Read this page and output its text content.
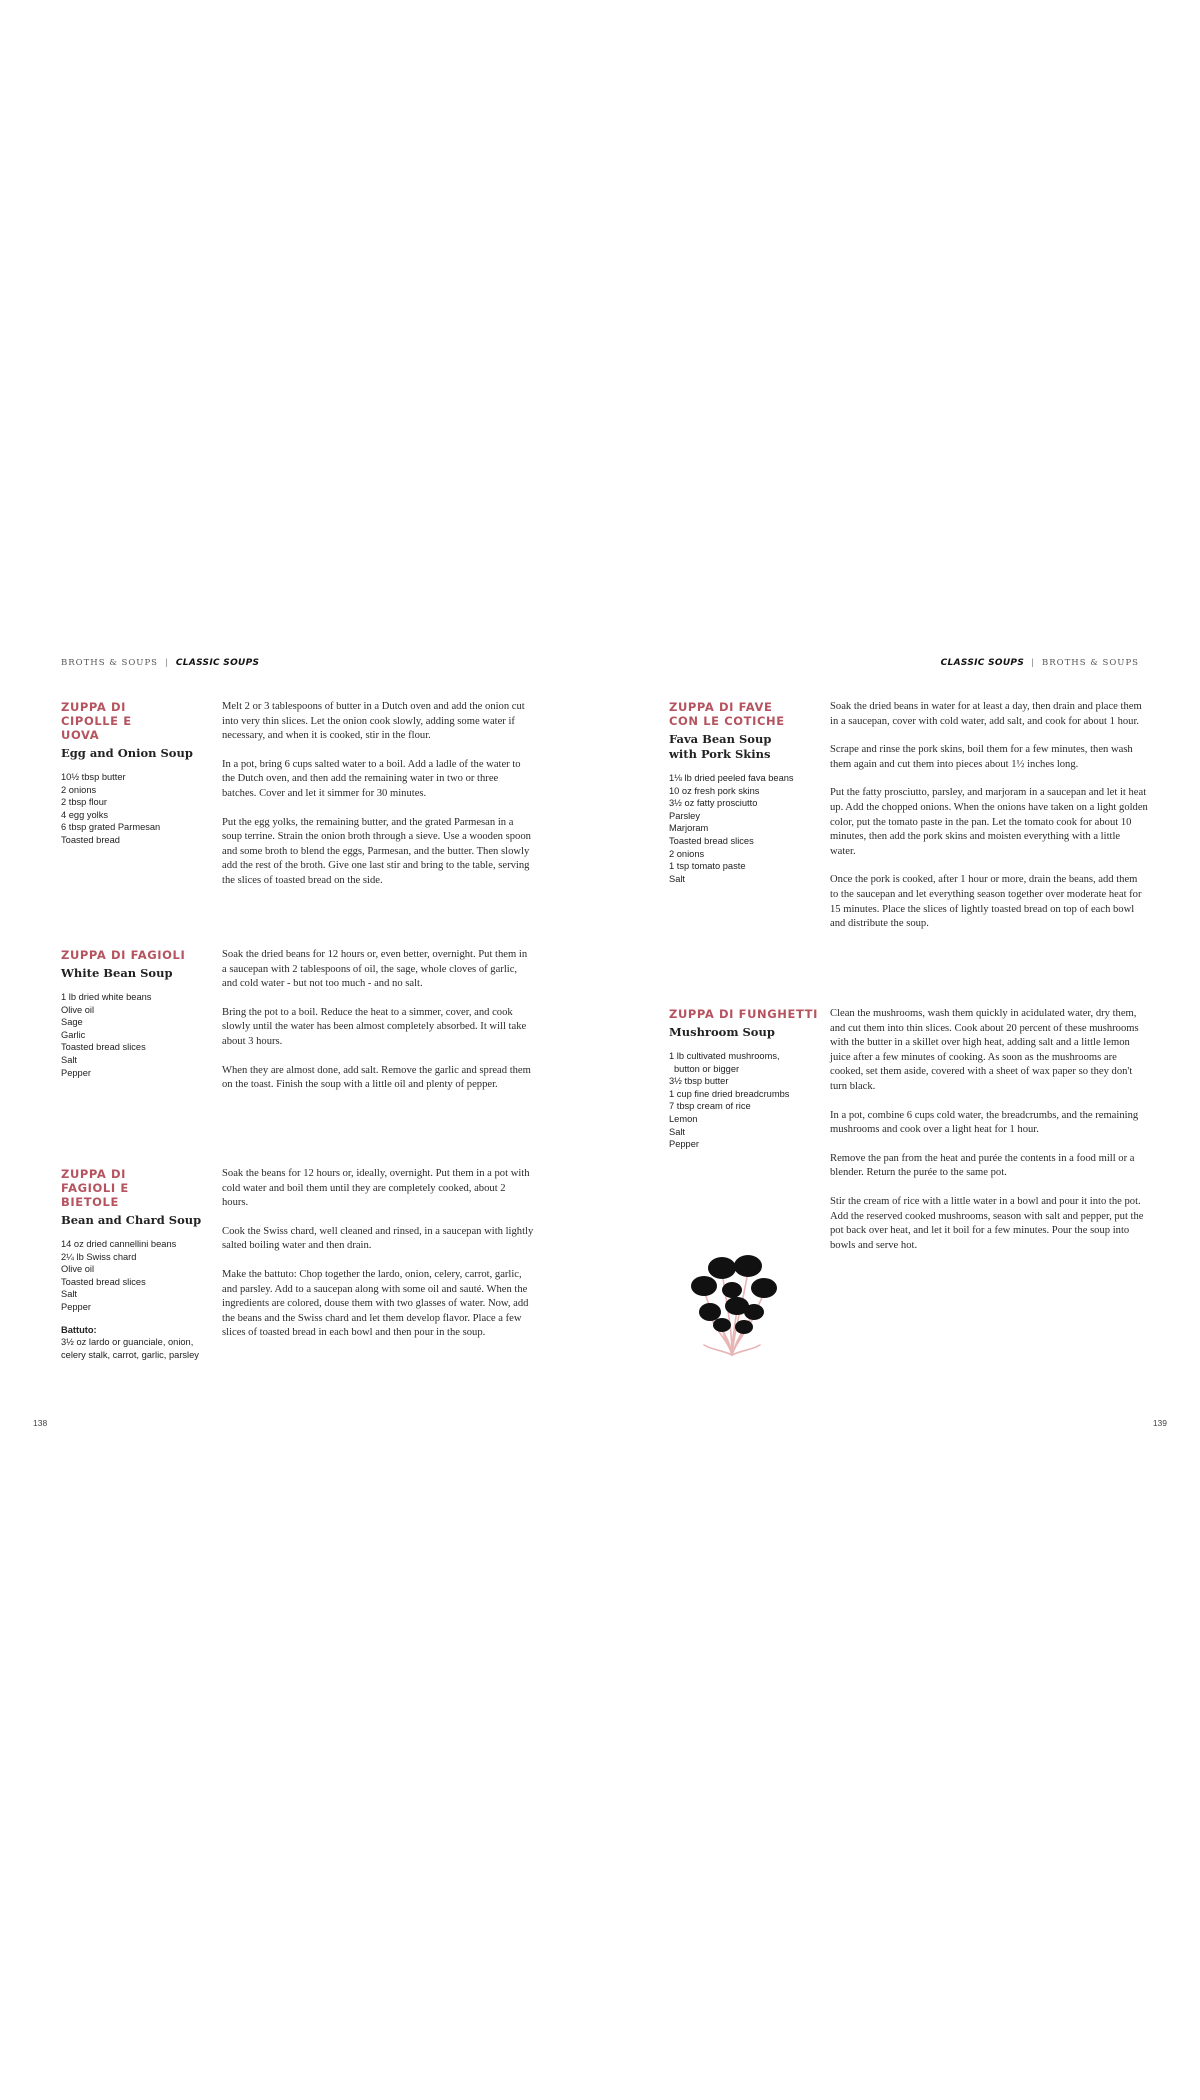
BROTHS & SOUPS | CLASSIC SOUPS	CLASSIC SOUPS | BROTHS & SOUPS
ZUPPA DI CIPOLLE E UOVA
Egg and Onion Soup
10½ tbsp butter
2 onions
2 tbsp flour
4 egg yolks
6 tbsp grated Parmesan
Toasted bread

Melt 2 or 3 tablespoons of butter in a Dutch oven and add the onion cut into very thin slices. Let the onion cook slowly, adding some water if necessary, and when it is cooked, stir in the flour.

In a pot, bring 6 cups salted water to a boil. Add a ladle of the water to the Dutch oven, and then add the remaining water in two or three batches. Cover and let it simmer for 30 minutes.

Put the egg yolks, the remaining butter, and the grated Parmesan in a soup terrine. Strain the onion broth through a sieve. Use a wooden spoon and some broth to blend the eggs, Parmesan, and the butter. Then slowly add the rest of the broth. Give one last stir and bring to the table, serving the slices of toasted bread on the side.

ZUPPA DI FAGIOLI
White Bean Soup
1 lb dried white beans
Olive oil
Sage
Garlic
Toasted bread slices
Salt
Pepper

Soak the dried beans for 12 hours or, even better, overnight. Put them in a saucepan with 2 tablespoons of oil, the sage, whole cloves of garlic, and cold water - but not too much - and no salt.

Bring the pot to a boil. Reduce the heat to a simmer, cover, and cook slowly until the water has been almost completely absorbed. It will take about 3 hours.

When they are almost done, add salt. Remove the garlic and spread them on the toast. Finish the soup with a little oil and plenty of pepper.

ZUPPA DI FAGIOLI E BIETOLE
Bean and Chard Soup
14 oz dried cannellini beans
2¼ lb Swiss chard
Olive oil
Toasted bread slices
Salt
Pepper
Battuto:
3½ oz lardo or guanciale, onion, celery stalk, carrot, garlic, parsley

Soak the beans for 12 hours or, ideally, overnight. Put them in a pot with cold water and boil them until they are completely cooked, about 2 hours.

Cook the Swiss chard, well cleaned and rinsed, in a saucepan with lightly salted boiling water and then drain.

Make the battuto: Chop together the lardo, onion, celery, carrot, garlic, and parsley. Add to a saucepan along with some oil and sauté. When the ingredients are colored, douse them with two glasses of water. Now, add the beans and the Swiss chard and let them develop flavor. Place a few slices of toasted bread in each bowl and then pour in the soup.

ZUPPA DI FAVE CON LE COTICHE
Fava Bean Soup with Pork Skins
1⅛ lb dried peeled fava beans
10 oz fresh pork skins
3½ oz fatty prosciutto
Parsley
Marjoram
Toasted bread slices
2 onions
1 tsp tomato paste
Salt

Soak the dried beans in water for at least a day, then drain and place them in a saucepan, cover with cold water, add salt, and cook for about 1 hour.

Scrape and rinse the pork skins, boil them for a few minutes, then wash them again and cut them into pieces about 1½ inches long.

Put the fatty prosciutto, parsley, and marjoram in a saucepan and let it heat up. Add the chopped onions. When the onions have taken on a light golden color, put the tomato paste in the pan. Let the tomato cook for about 10 minutes, then add the pork skins and moisten everything with a little water.

Once the pork is cooked, after 1 hour or more, drain the beans, add them to the saucepan and let everything season together over moderate heat for 15 minutes. Place the slices of lightly toasted bread on top of each bowl and distribute the soup.

ZUPPA DI FUNGHETTI
Mushroom Soup
1 lb cultivated mushrooms,
button or bigger
3½ tbsp butter
1 cup fine dried breadcrumbs
7 tbsp cream of rice
Lemon
Salt
Pepper

Clean the mushrooms, wash them quickly in acidulated water, dry them, and cut them into thin slices. Cook about 20 percent of these mushrooms with the butter in a skillet over high heat, adding salt and a little lemon juice after a few minutes of cooking. As soon as the mushrooms are cooked, set them aside, covered with a sheet of wax paper so they don't turn black.

In a pot, combine 6 cups cold water, the breadcrumbs, and the remaining mushrooms and cook over a light heat for 1 hour.

Remove the pan from the heat and purée the contents in a food mill or a blender. Return the purée to the same pot.

Stir the cream of rice with a little water in a bowl and pour it into the pot. Add the reserved cooked mushrooms, season with salt and pepper, put the pot back over heat, and let it boil for a few minutes. Pour the soup into bowls and serve hot.

138	139
